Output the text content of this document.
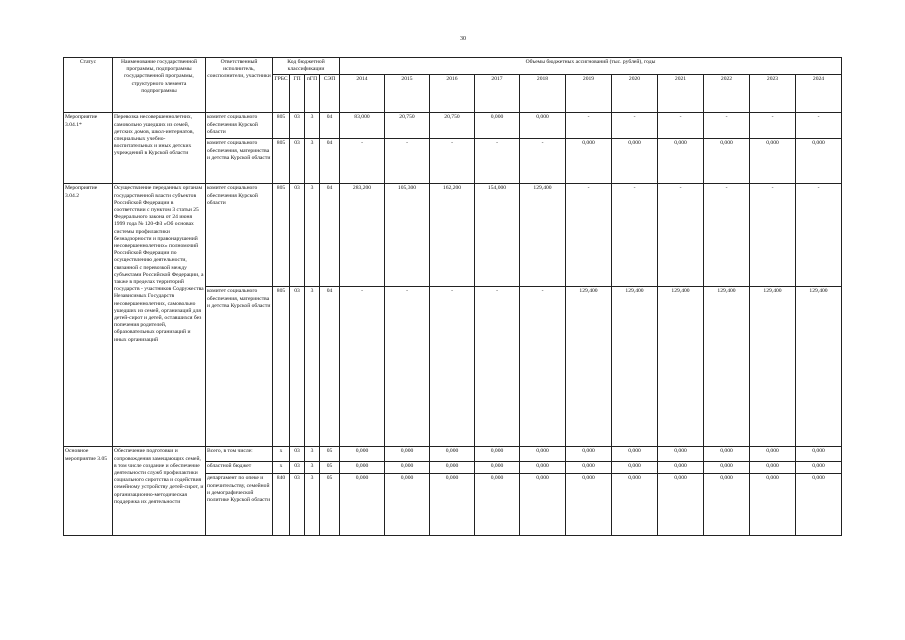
30
Статус	Наименование государственной программы, подпрограммы государственной программы, структурного элемента подпрограммы	Ответственный исполнитель, соисполнители, участники	Код бюджетной классификации				Объемы бюджетных ассигнований (тыс. рублей), годы										
			ГРБС	ГП	пГП	СЭП	2014	2015	2016	2017	2018	2019	2020	2021	2022	2023	2024
Мероприятие 3.04.1*	Перевозка несовершеннолетних, самовольно ушедших из семей, детских домов, школ-интернатов, специальных учебно-воспитательных и иных детских учреждений в Курской области	комитет социального обеспечения Курской области	805	03	3	04	83,000	20,750	20,750	0,000	0,000	-	-	-	-	-	-
		комитет социального обеспечения, материнства и детства Курской области	805	03	3	04	-	-	-	-	-	0,000	0,000	0,000	0,000	0,000	0,000
Мероприятие 3.04.2	Осуществление переданных органам государственной власти субъектов Российской Федерации в соответствии с пунктом 3 статьи 25 Федерального закона от 24 июня 1999 года № 120-ФЗ «Об основах системы профилактики безнадзорности и правонарушений несовершеннолетних» полномочий Российской Федерации по осуществлению деятельности, связанной с перевозкой между субъектами Российской Федерации, а также в пределах территорий государств - участников Содружества Независимых Государств несовершеннолетних, самовольно ушедших из семей, организаций для детей-сирот и детей, оставшихся без попечения родителей, образовательных организаций и иных организаций	комитет социального обеспечения Курской области	805	03	3	04	283,200	105,300	162,200	154,000	129,400	-	-	-	-	-	-
		комитет социального обеспечения, материнства и детства Курской области	805	03	3	04	-	-	-	-	-	129,400	129,400	129,400	129,400	129,400	129,400
Основное мероприятие 3.05	Обеспечение подготовки и сопровождения замещающих семей, в том числе создание и обеспечение деятельности служб профилактики социального сиротства и содействия семейному устройству детей-сирот, и организационно-методическая поддержка их деятельности	Всего, в том числе:	x	03	3	05	0,000	0,000	0,000	0,000	0,000	0,000	0,000	0,000	0,000	0,000	0,000
		областной бюджет	x	03	3	05	0,000	0,000	0,000	0,000	0,000	0,000	0,000	0,000	0,000	0,000	0,000
		департамент по опеке и попечительству, семейной и демографической политике Курской области	840	03	3	05	0,000	0,000	0,000	0,000	0,000	0,000	0,000	0,000	0,000	0,000	0,000
